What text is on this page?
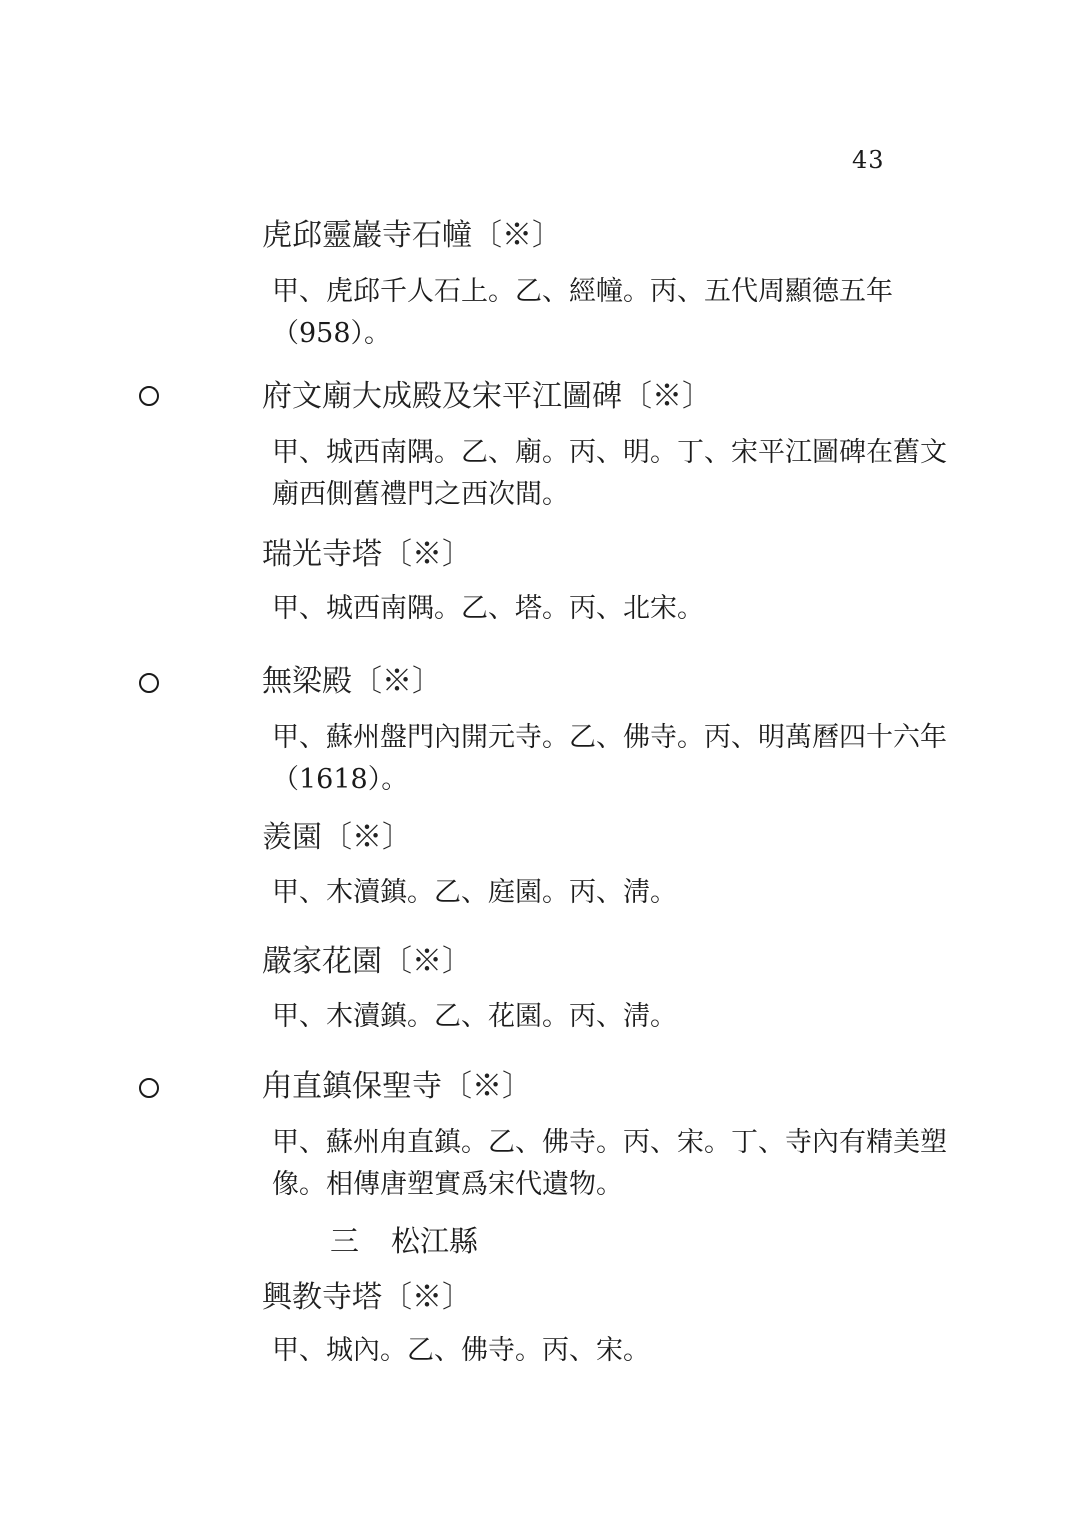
43
虎邱靈巖寺石幢〔※〕
甲、虎邱千人石上。乙、經幢。丙、五代周顯德五年（958）。
府文廟大成殿及宋平江圖碑〔※〕
甲、城西南隅。乙、廟。丙、明。丁、宋平江圖碑在舊文廟西側舊禮門之西次間。
瑞光寺塔〔※〕
甲、城西南隅。乙、塔。丙、北宋。
無梁殿〔※〕
甲、蘇州盤門內開元寺。乙、佛寺。丙、明萬曆四十六年（1618）。
羨園〔※〕
甲、木瀆鎮。乙、庭園。丙、淸。
嚴家花園〔※〕
甲、木瀆鎮。乙、花園。丙、淸。
甪直鎮保聖寺〔※〕
甲、蘇州甪直鎮。乙、佛寺。丙、宋。丁、寺內有精美塑像。相傳唐塑實爲宋代遺物。
三 松江縣
興教寺塔〔※〕
甲、城內。乙、佛寺。丙、宋。
